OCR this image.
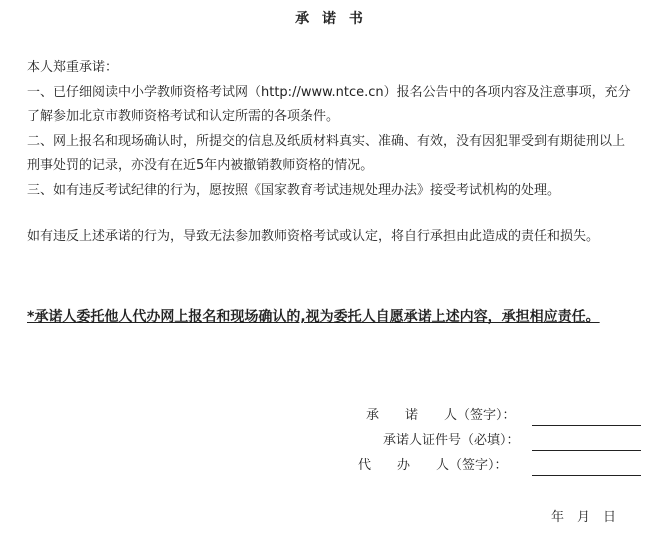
承 诺 书

本人郑重承诺：

一、已仔细阅读中小学教师资格考试网（http://www.ntce.cn）报名公告中的各项内容及注意事项，充分了解参加北京市教师资格考试和认定所需的各项条件。

二、网上报名和现场确认时，所提交的信息及纸质材料真实、准确、有效，没有因犯罪受到有期徒刑以上刑事处罚的记录，亦没有在近5年内被撤销教师资格的情况。

三、如有违反考试纪律的行为，愿按照《国家教育考试违规处理办法》接受考试机构的处理。

如有违反上述承诺的行为，导致无法参加教师资格考试或认定，将自行承担由此造成的责任和损失。

*承诺人委托他人代办网上报名和现场确认的,视为委托人自愿承诺上述内容，承担相应责任。
承　　诺　　人（签字）：
承诺人证件号（必填）：
代　　办　　人（签字）：
年　月　日
